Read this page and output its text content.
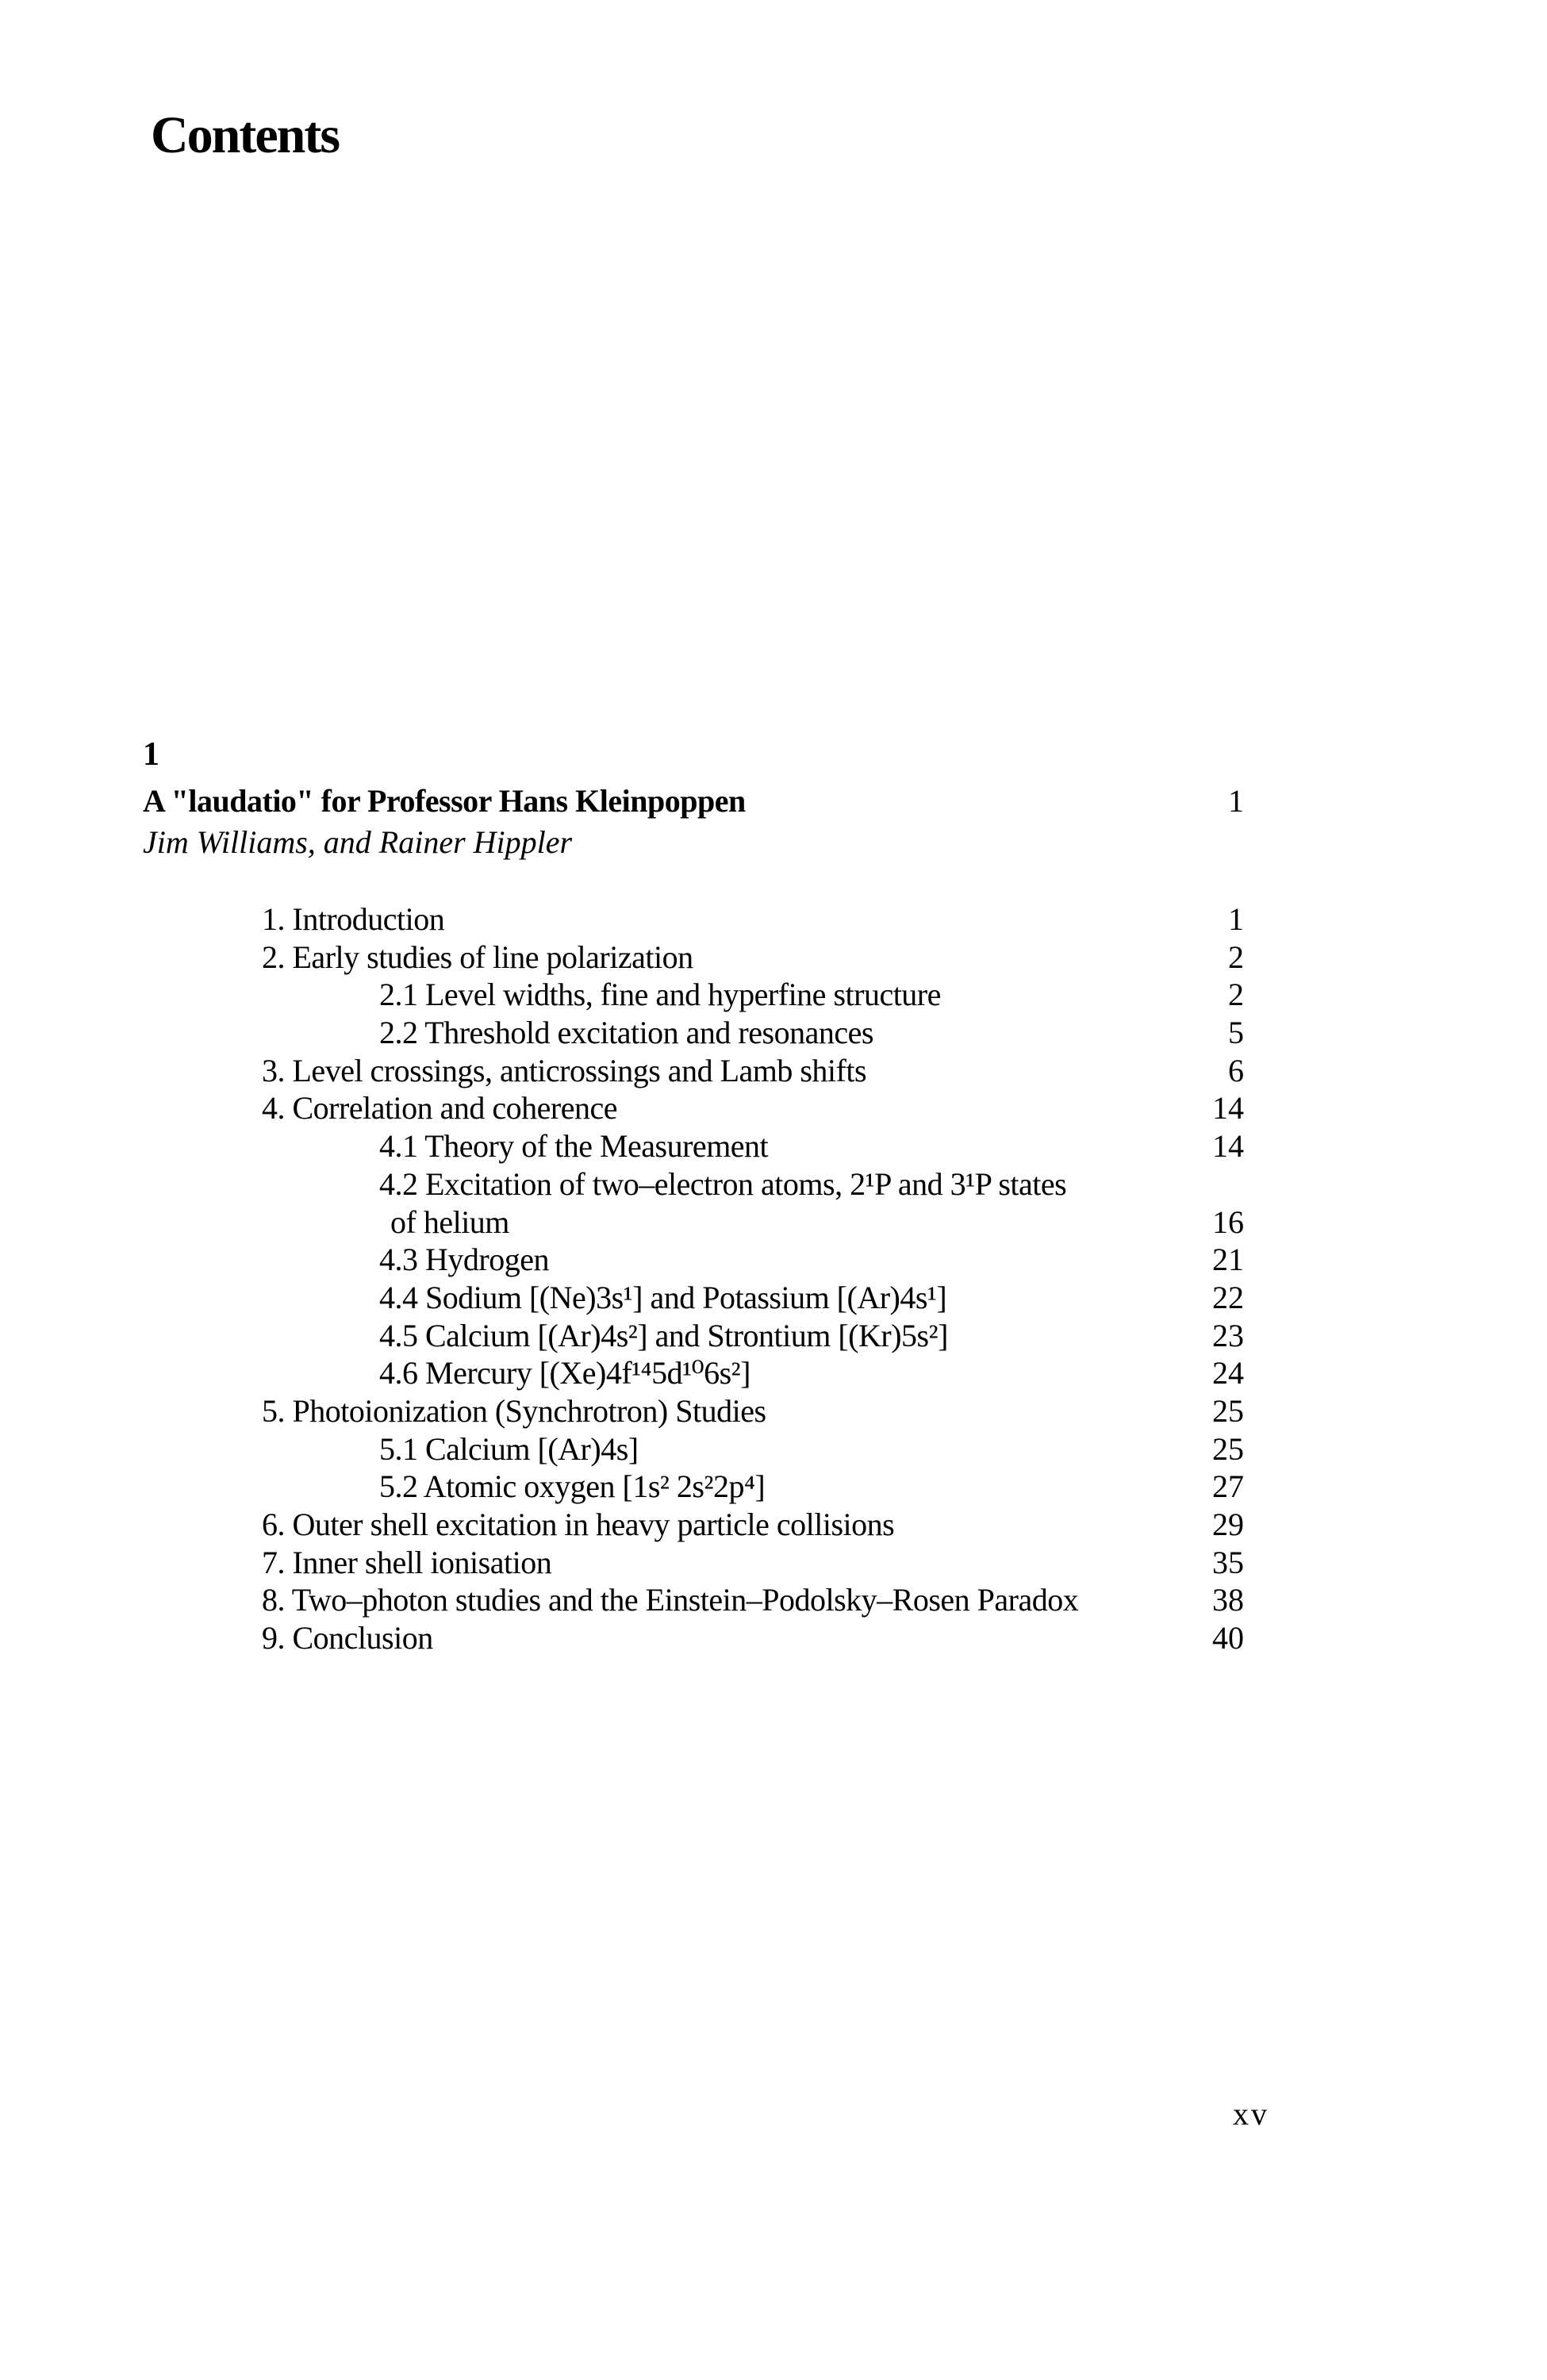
Contents
1
A "laudatio" for Professor Hans Kleinpoppen	1
Jim Williams, and Rainer Hippler
1. Introduction	1
2. Early studies of line polarization	2
2.1 Level widths, fine and hyperfine structure	2
2.2 Threshold excitation and resonances	5
3. Level crossings, anticrossings and Lamb shifts	6
4. Correlation and coherence	14
4.1 Theory of the Measurement	14
4.2 Excitation of two–electron atoms, 2¹P and 3¹P states
of helium	16
4.3 Hydrogen	21
4.4 Sodium [(Ne)3s¹] and Potassium [(Ar)4s¹]	22
4.5 Calcium [(Ar)4s²] and Strontium [(Kr)5s²]	23
4.6 Mercury [(Xe)4f¹⁴5d¹⁰6s²]	24
5. Photoionization (Synchrotron) Studies	25
5.1 Calcium [(Ar)4s]	25
5.2 Atomic oxygen [1s² 2s²2p⁴]	27
6. Outer shell excitation in heavy particle collisions	29
7. Inner shell ionisation	35
8. Two–photon studies and the Einstein–Podolsky–Rosen Paradox	38
9. Conclusion	40
xv
